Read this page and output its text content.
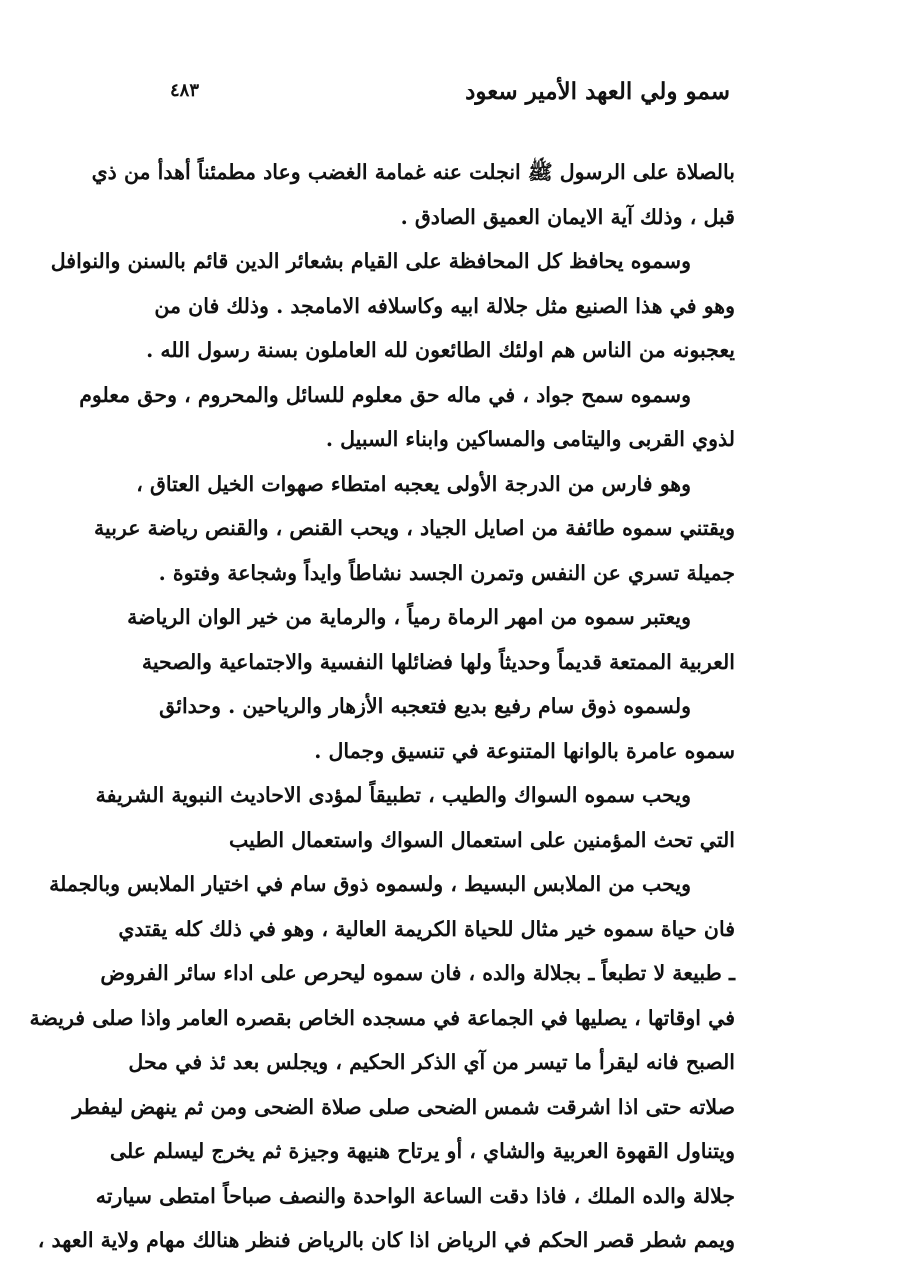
سمو ولي العهد الأمير سعود
٤٨٣
بالصلاة على الرسول ﷺ انجلت عنه غمامة الغضب وعاد مطمئناً أهدأ من ذي
قبل ، وذلك آية الايمان العميق الصادق .
وسموه يحافظ كل المحافظة على القيام بشعائر الدين قائم بالسنن والنوافل
وهو في هذا الصنيع مثل جلالة ابيه وكاسلافه الامامجد . وذلك فان من
يعجبونه من الناس هم اولئك الطائعون لله العاملون بسنة رسول الله .
وسموه سمح جواد ، في ماله حق معلوم للسائل والمحروم ، وحق معلوم
لذوي القربى واليتامى والمساكين وابناء السبيل .
وهو فارس من الدرجة الأولى يعجبه امتطاء صهوات الخيل العتاق ،
ويقتني سموه طائفة من اصايل الجياد ، ويحب القنص ، والقنص رياضة عربية
جميلة تسري عن النفس وتمرن الجسد نشاطاً وايداً وشجاعة وفتوة .
ويعتبر سموه من امهر الرماة رمياً ، والرماية من خير الوان الرياضة
العربية الممتعة قديماً وحديثاً ولها فضائلها النفسية والاجتماعية والصحية
ولسموه ذوق سام رفيع بديع فتعجبه الأزهار والرياحين . وحدائق
سموه عامرة بالوانها المتنوعة في تنسيق وجمال .
ويحب سموه السواك والطيب ، تطبيقاً لمؤدى الاحاديث النبوية الشريفة
التي تحث المؤمنين على استعمال السواك واستعمال الطيب
ويحب من الملابس البسيط ، ولسموه ذوق سام في اختيار الملابس وبالجملة
فان حياة سموه خير مثال للحياة الكريمة العالية ، وهو في ذلك كله يقتدي
ـ طبيعة لا تطبعاً ـ بجلالة والده ، فان سموه ليحرص على اداء سائر الفروض
في اوقاتها ، يصليها في الجماعة في مسجده الخاص بقصره العامر واذا صلى فريضة
الصبح فانه ليقرأ ما تيسر من آي الذكر الحكيم ، ويجلس بعد ئذ في محل
صلاته حتى اذا اشرقت شمس الضحى صلى صلاة الضحى ومن ثم ينهض ليفطر
ويتناول القهوة العربية والشاي ، أو يرتاح هنيهة وجيزة ثم يخرج ليسلم على
جلالة والده الملك ، فاذا دقت الساعة الواحدة والنصف صباحاً امتطى سيارته
ويمم شطر قصر الحكم في الرياض اذا كان بالرياض فنظر هنالك مهام ولاية العهد ،
